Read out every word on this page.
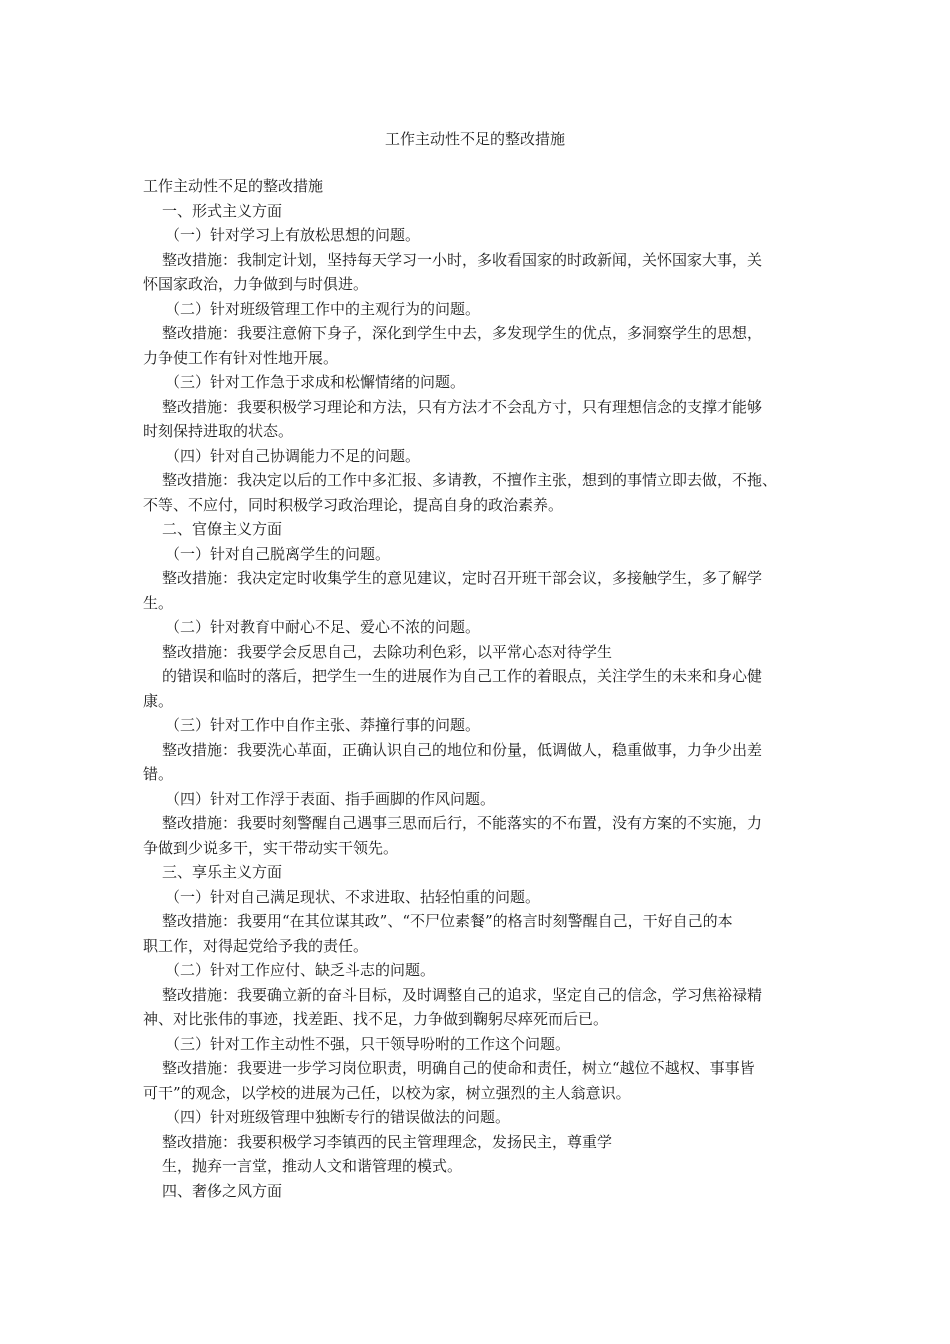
工作主动性不足的整改措施

工作主动性不足的整改措施

一、形式主义方面

（一）针对学习上有放松思想的问题。

整改措施：我制定计划，坚持每天学习一小时，多收看国家的时政新闻，关怀国家大事，关

怀国家政治，力争做到与时俱进。

（二）针对班级管理工作中的主观行为的问题。

整改措施：我要注意俯下身子，深化到学生中去，多发现学生的优点，多洞察学生的思想，

力争使工作有针对性地开展。

（三）针对工作急于求成和松懈情绪的问题。

整改措施：我要积极学习理论和方法，只有方法才不会乱方寸，只有理想信念的支撑才能够

时刻保持进取的状态。

（四）针对自己协调能力不足的问题。

整改措施：我决定以后的工作中多汇报、多请教，不擅作主张，想到的事情立即去做，不拖、

不等、不应付，同时积极学习政治理论，提高自身的政治素养。

二、官僚主义方面

（一）针对自己脱离学生的问题。

整改措施：我决定定时收集学生的意见建议，定时召开班干部会议，多接触学生，多了解学

生。

（二）针对教育中耐心不足、爱心不浓的问题。

整改措施：我要学会反思自己，去除功利色彩，以平常心态对待学生

的错误和临时的落后，把学生一生的进展作为自己工作的着眼点，关注学生的未来和身心健

康。

（三）针对工作中自作主张、莽撞行事的问题。

整改措施：我要洗心革面，正确认识自己的地位和份量，低调做人，稳重做事，力争少出差

错。

（四）针对工作浮于表面、指手画脚的作风问题。

整改措施：我要时刻警醒自己遇事三思而后行，不能落实的不布置，没有方案的不实施，力

争做到少说多干，实干带动实干领先。

三、享乐主义方面

（一）针对自己满足现状、不求进取、拈轻怕重的问题。

整改措施：我要用“在其位谋其政”、“不尸位素餐”的格言时刻警醒自己，干好自己的本

职工作，对得起党给予我的责任。

（二）针对工作应付、缺乏斗志的问题。

整改措施：我要确立新的奋斗目标，及时调整自己的追求，坚定自己的信念，学习焦裕禄精

神、对比张伟的事迹，找差距、找不足，力争做到鞠躬尽瘁死而后已。

（三）针对工作主动性不强，只干领导吩咐的工作这个问题。

整改措施：我要进一步学习岗位职责，明确自己的使命和责任，树立“越位不越权、事事皆

可干”的观念，以学校的进展为己任，以校为家，树立强烈的主人翁意识。

（四）针对班级管理中独断专行的错误做法的问题。

整改措施：我要积极学习李镇西的民主管理理念，发扬民主，尊重学

生，抛弃一言堂，推动人文和谐管理的模式。

四、奢侈之风方面
